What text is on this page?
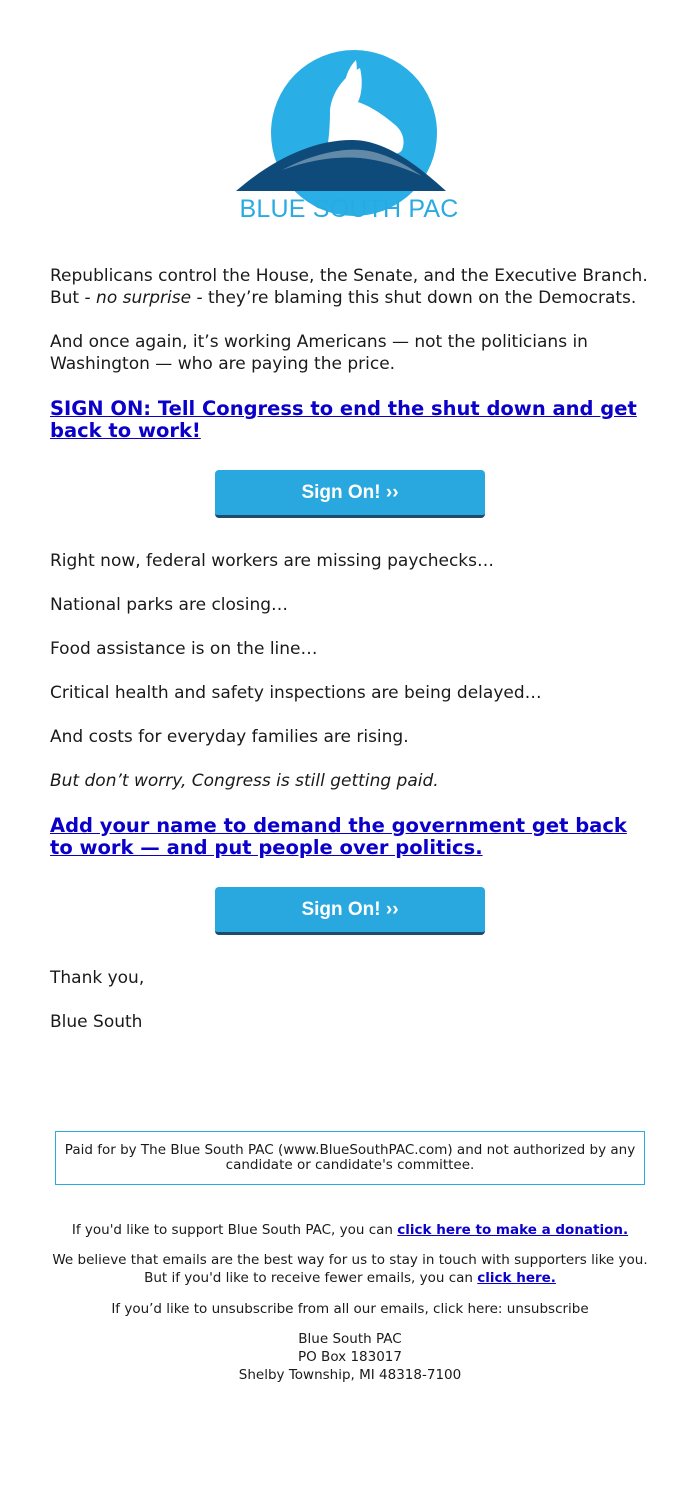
BLUE SOUTH PAC
Republicans control the House, the Senate, and the Executive Branch. But - no surprise - they’re blaming this shut down on the Democrats.
And once again, it’s working Americans — not the politicians in Washington — who are paying the price.
SIGN ON: Tell Congress to end the shut down and get back to work!
Sign On! ››
Right now, federal workers are missing paychecks…
National parks are closing…
Food assistance is on the line…
Critical health and safety inspections are being delayed…
And costs for everyday families are rising.
But don’t worry, Congress is still getting paid.
Add your name to demand the government get back to work — and put people over politics.
Sign On! ››
Thank you,
Blue South
Paid for by The Blue South PAC (www.BlueSouthPAC.com) and not authorized by any candidate or candidate's committee.
If you'd like to support Blue South PAC, you can click here to make a donation.
We believe that emails are the best way for us to stay in touch with supporters like you. But if you'd like to receive fewer emails, you can click here.
If you’d like to unsubscribe from all our emails, click here: unsubscribe
Blue South PAC
PO Box 183017
Shelby Township, MI 48318-7100
